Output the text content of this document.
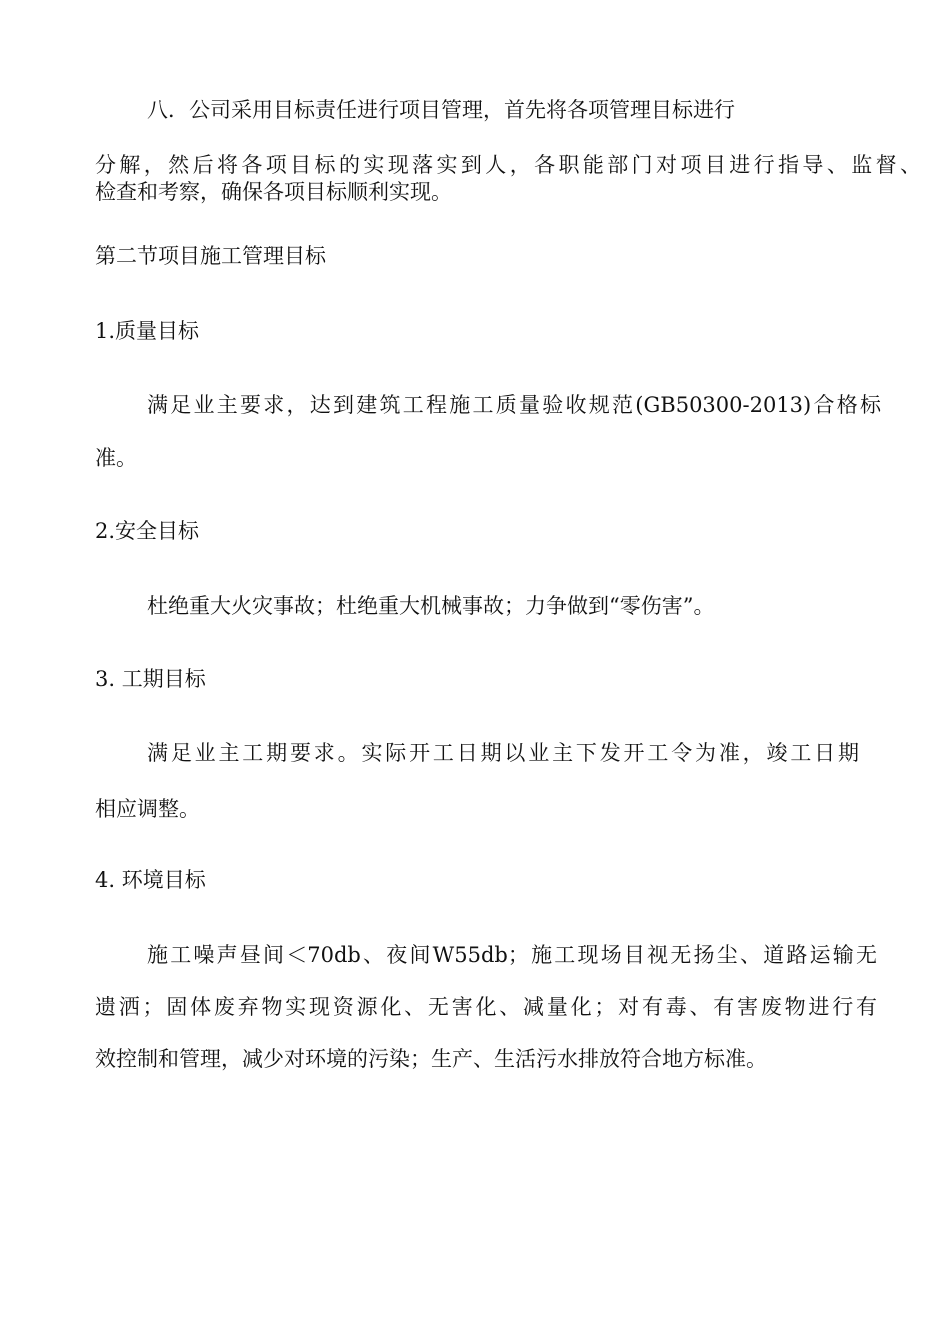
八．公司采用目标责任进行项目管理，首先将各项管理目标进行

分解，然后将各项目标的实现落实到人，各职能部门对项目进行指导、监督、

检查和考察，确保各项目标顺利实现。

第二节项目施工管理目标
1.质量目标

满足业主要求，达到建筑工程施工质量验收规范(GB50300-2013)合格标

准。

2.安全目标

杜绝重大火灾事故；杜绝重大机械事故；力争做到“零伤害”。

3. 工期目标

满足业主工期要求。实际开工日期以业主下发开工令为准，竣工日期

相应调整。

4. 环境目标

施工噪声昼间＜70db、夜间W55db；施工现场目视无扬尘、道路运输无

遗洒；固体废弃物实现资源化、无害化、减量化；对有毒、有害废物进行有

效控制和管理，减少对环境的污染；生产、生活污水排放符合地方标准。
